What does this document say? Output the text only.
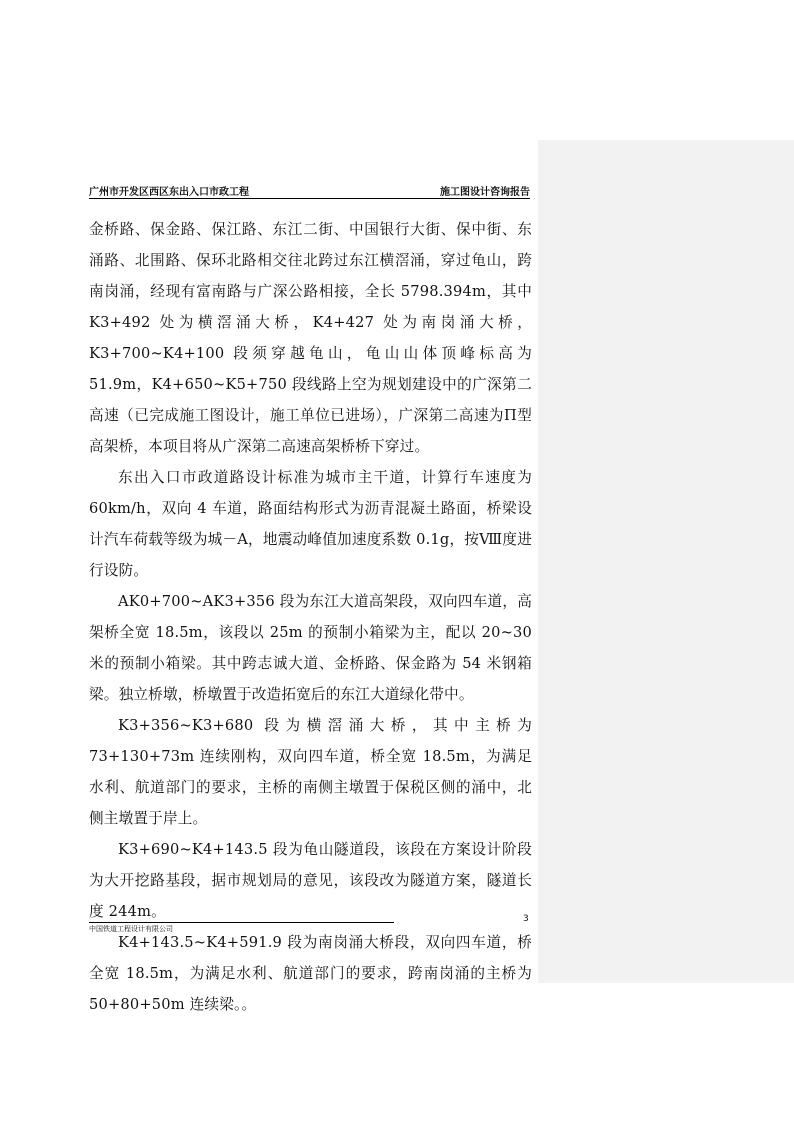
广州市开发区西区东出入口市政工程	施工图设计咨询报告

金桥路、保金路、保江路、东江二街、中国银行大街、保中街、东涌路、北围路、保环北路相交往北跨过东江横滘涌，穿过龟山，跨南岗涌，经现有富南路与广深公路相接，全长 5798.394m，其中 K3+492 处为横滘涌大桥，K4+427 处为南岗涌大桥，K3+700~K4+100 段须穿越龟山，龟山山体顶峰标高为 51.9m，K4+650~K5+750 段线路上空为规划建设中的广深第二高速（已完成施工图设计，施工单位已进场），广深第二高速为Π型高架桥，本项目将从广深第二高速高架桥桥下穿过。

东出入口市政道路设计标准为城市主干道，计算行车速度为 60km/h，双向 4 车道，路面结构形式为沥青混凝土路面，桥梁设计汽车荷载等级为城－A，地震动峰值加速度系数 0.1g，按Ⅷ度进行设防。

AK0+700~AK3+356 段为东江大道高架段，双向四车道，高架桥全宽 18.5m，该段以 25m 的预制小箱梁为主，配以 20~30 米的预制小箱梁。其中跨志诚大道、金桥路、保金路为 54 米钢箱梁。独立桥墩，桥墩置于改造拓宽后的东江大道绿化带中。

K3+356~K3+680 段为横滘涌大桥，其中主桥为 73+130+73m 连续刚构，双向四车道，桥全宽 18.5m，为满足水利、航道部门的要求，主桥的南侧主墩置于保税区侧的涌中，北侧主墩置于岸上。

K3+690~K4+143.5 段为龟山隧道段，该段在方案设计阶段为大开挖路基段，据市规划局的意见，该段改为隧道方案，隧道长度 244m。

K4+143.5~K4+591.9 段为南岗涌大桥段，双向四车道，桥全宽 18.5m，为满足水利、航道部门的要求，跨南岗涌的主桥为 50+80+50m 连续梁。。

中国铁道工程设计有限公司
3
